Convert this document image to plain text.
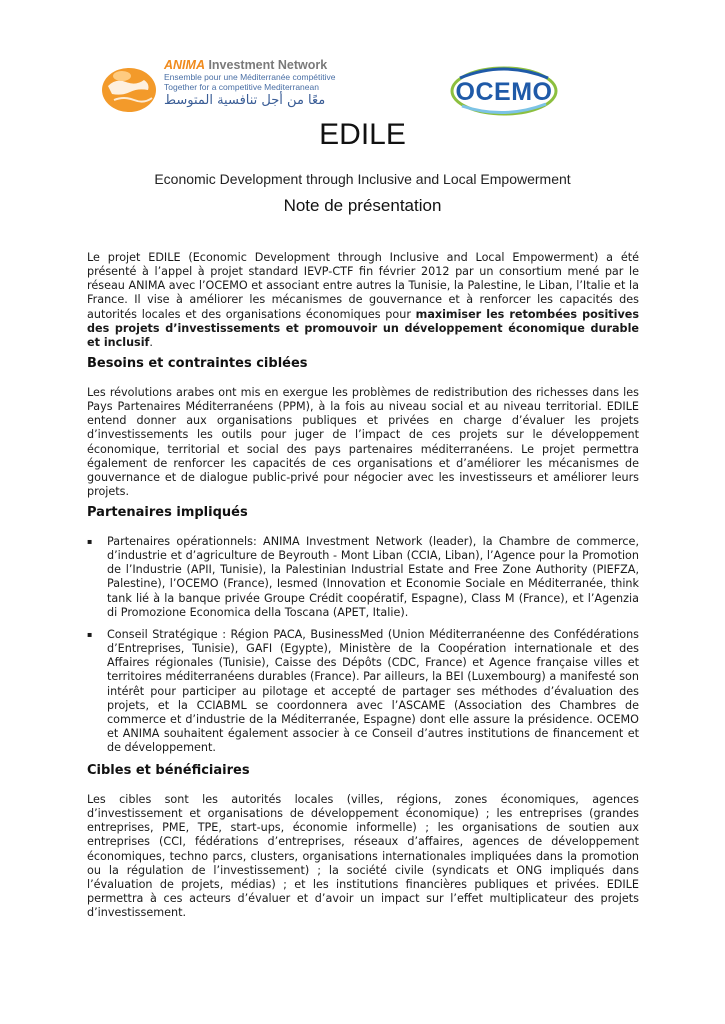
ANIMA Investment Network
Ensemble pour une Méditerranée compétitive
Together for a competitive Mediterranean
معًا من أجل تنافسية المتوسط	OCEMO
EDILE
Economic Development through Inclusive and Local Empowerment
Note de présentation

Le projet EDILE (Economic Development through Inclusive and Local Empowerment) a été présenté à l’appel à projet standard IEVP-CTF fin février 2012 par un consortium mené par le réseau ANIMA avec l’OCEMO et associant entre autres la Tunisie, la Palestine, le Liban, l’Italie et la France. Il vise à améliorer les mécanismes de gouvernance et à renforcer les capacités des autorités locales et des organisations économiques pour maximiser les retombées positives des projets d’investissements et promouvoir un développement économique durable et inclusif.

Besoins et contraintes ciblées

Les révolutions arabes ont mis en exergue les problèmes de redistribution des richesses dans les Pays Partenaires Méditerranéens (PPM), à la fois au niveau social et au niveau territorial. EDILE entend donner aux organisations publiques et privées en charge d’évaluer les projets d’investissements les outils pour juger de l’impact de ces projets sur le développement économique, territorial et social des pays partenaires méditerranéens. Le projet permettra également de renforcer les capacités de ces organisations et d’améliorer les mécanismes de gouvernance et de dialogue public-privé pour négocier avec les investisseurs et améliorer leurs projets.

Partenaires impliqués
▪ Partenaires opérationnels: ANIMA Investment Network (leader), la Chambre de commerce, d’industrie et d’agriculture de Beyrouth - Mont Liban (CCIA, Liban), l’Agence pour la Promotion de l’Industrie (APII, Tunisie), la Palestinian Industrial Estate and Free Zone Authority (PIEFZA, Palestine), l’OCEMO (France), Iesmed (Innovation et Economie Sociale en Méditerranée, think tank lié à la banque privée Groupe Crédit coopératif, Espagne), Class M (France), et l’Agenzia di Promozione Economica della Toscana (APET, Italie).
▪ Conseil Stratégique : Région PACA, BusinessMed (Union Méditerranéenne des Confédérations d’Entreprises, Tunisie), GAFI (Egypte), Ministère de la Coopération internationale et des Affaires régionales (Tunisie), Caisse des Dépôts (CDC, France) et Agence française villes et territoires méditerranéens durables (France). Par ailleurs, la BEI (Luxembourg) a manifesté son intérêt pour participer au pilotage et accepté de partager ses méthodes d’évaluation des projets, et la CCIABML se coordonnera avec l’ASCAME (Association des Chambres de commerce et d’industrie de la Méditerranée, Espagne) dont elle assure la présidence. OCEMO et ANIMA souhaitent également associer à ce Conseil d’autres institutions de financement et de développement.
Cibles et bénéficiaires

Les cibles sont les autorités locales (villes, régions, zones économiques, agences d’investissement et organisations de développement économique) ; les entreprises (grandes entreprises, PME, TPE, start-ups, économie informelle) ; les organisations de soutien aux entreprises (CCI, fédérations d’entreprises, réseaux d’affaires, agences de développement économiques, techno parcs, clusters, organisations internationales impliquées dans la promotion ou la régulation de l’investissement) ; la société civile (syndicats et ONG impliqués dans l’évaluation de projets, médias) ; et les institutions financières publiques et privées. EDILE permettra à ces acteurs d’évaluer et d’avoir un impact sur l’effet multiplicateur des projets d’investissement.
